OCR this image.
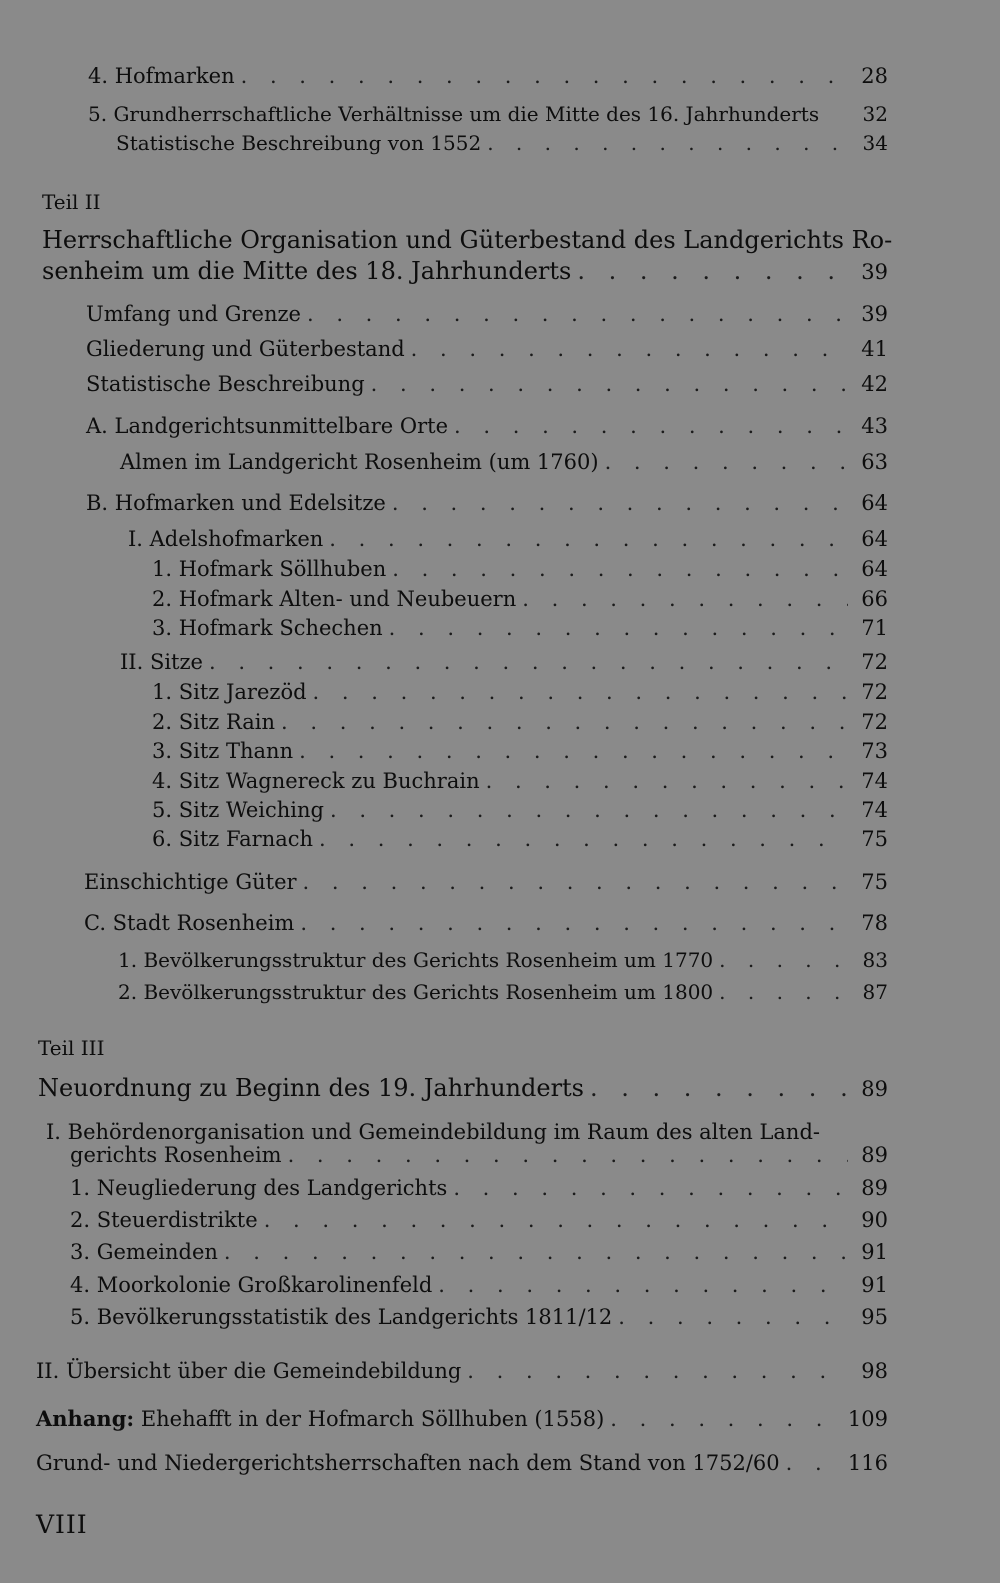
4. Hofmarken . . .	28
5. Grundherrschaftliche Verhältnisse um die Mitte des 16. Jahrhunderts	32
Statistische Beschreibung von 1552 . . .	34
Teil II
Herrschaftliche Organisation und Güterbestand des Landgerichts Ro-
senheim um die Mitte des 18. Jahrhunderts . . .	39
Umfang und Grenze . . .	39
Gliederung und Güterbestand . . .	41
Statistische Beschreibung . . .	42
A. Landgerichtsunmittelbare Orte . . .	43
Almen im Landgericht Rosenheim (um 1760) . . .	63
B. Hofmarken und Edelsitze . . .	64
I. Adelshofmarken . . .	64
1. Hofmark Söllhuben . . .	64
2. Hofmark Alten- und Neubeuern . . .	66
3. Hofmark Schechen . . .	71
II. Sitze . . .	72
1. Sitz Jarezöd . . .	72
2. Sitz Rain . . .	72
3. Sitz Thann . . .	73
4. Sitz Wagnereck zu Buchrain . . .	74
5. Sitz Weiching . . .	74
6. Sitz Farnach . . .	75
Einschichtige Güter . . .	75
C. Stadt Rosenheim . . .	78
1. Bevölkerungsstruktur des Gerichts Rosenheim um 1770 . . .	83
2. Bevölkerungsstruktur des Gerichts Rosenheim um 1800 . . .	87
Teil III
Neuordnung zu Beginn des 19. Jahrhunderts . . .	89
I. Behördenorganisation und Gemeindebildung im Raum des alten Land-
gerichts Rosenheim . . .	89
1. Neugliederung des Landgerichts . . .	89
2. Steuerdistrikte . . .	90
3. Gemeinden . . .	91
4. Moorkolonie Großkarolinenfeld . . .	91
5. Bevölkerungsstatistik des Landgerichts 1811/12 . . .	95
II. Übersicht über die Gemeindebildung . . .	98
Anhang: Ehehafft in der Hofmarch Söllhuben (1558) . . .	109
Grund- und Niedergerichtsherrschaften nach dem Stand von 1752/60 . . .	116
VIII
